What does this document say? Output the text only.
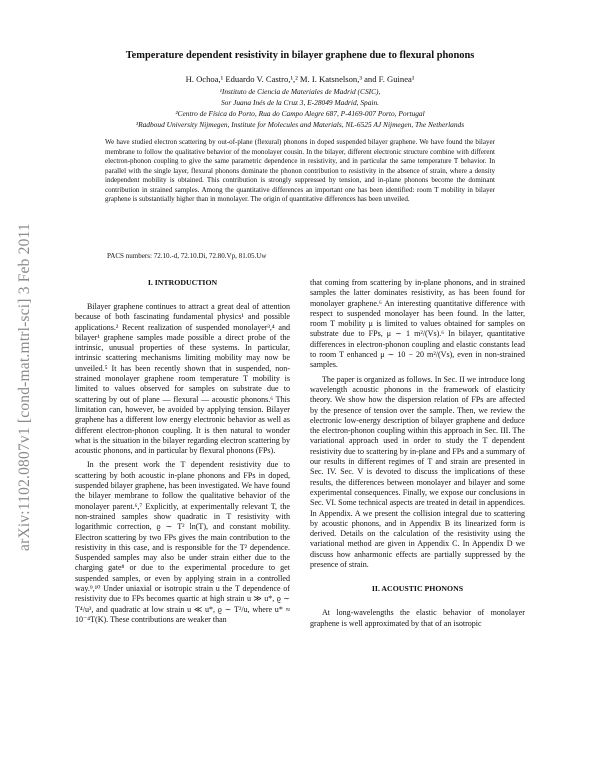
arXiv:1102.0807v1 [cond-mat.mtrl-sci] 3 Feb 2011
Temperature dependent resistivity in bilayer graphene due to flexural phonons
H. Ochoa,¹ Eduardo V. Castro,¹,² M. I. Katsnelson,³ and F. Guinea¹
¹Instituto de Ciencia de Materiales de Madrid (CSIC),
Sor Juana Inés de la Cruz 3, E-28049 Madrid, Spain.
²Centro de Física do Porto, Rua do Campo Alegre 687, P-4169-007 Porto, Portugal
³Radboud University Nijmegen, Institute for Molecules and Materials, NL-6525 AJ Nijmegen, The Netherlands
We have studied electron scattering by out-of-plane (flexural) phonons in doped suspended bilayer graphene. We have found the bilayer membrane to follow the qualitative behavior of the monolayer cousin. In the bilayer, different electronic structure combine with different electron-phonon coupling to give the same parametric dependence in resistivity, and in particular the same temperature T behavior. In parallel with the single layer, flexural phonons dominate the phonon contribution to resistivity in the absence of strain, where a density independent mobility is obtained. This contribution is strongly suppressed by tension, and in-plane phonons become the dominant contribution in strained samples. Among the quantitative differences an important one has been identified: room T mobility in bilayer graphene is substantially higher than in monolayer. The origin of quantitative differences has been unveiled.
PACS numbers: 72.10.-d, 72.10.Di, 72.80.Vp, 81.05.Uw
I. INTRODUCTION

Bilayer graphene continues to attract a great deal of attention because of both fascinating fundamental physics¹ and possible applications.² Recent realization of suspended monolayer³,⁴ and bilayer¹ graphene samples made possible a direct probe of the intrinsic, unusual properties of these systems. In particular, intrinsic scattering mechanisms limiting mobility may now be unveiled.⁵ It has been recently shown that in suspended, non-strained monolayer graphene room temperature T mobility is limited to values observed for samples on substrate due to scattering by out of plane — flexural — acoustic phonons.⁶ This limitation can, however, be avoided by applying tension. Bilayer graphene has a different low energy electronic behavior as well as different electron-phonon coupling. It is then natural to wonder what is the situation in the bilayer regarding electron scattering by acoustic phonons, and in particular by flexural phonons (FPs).

In the present work the T dependent resistivity due to scattering by both acoustic in-plane phonons and FPs in doped, suspended bilayer graphene, has been investigated. We have found the bilayer membrane to follow the qualitative behavior of the monolayer parent.⁶,⁷ Explicitly, at experimentally relevant T, the non-strained samples show quadratic in T resistivity with logarithmic correction, ϱ ∼ T² ln(T), and constant mobility. Electron scattering by two FPs gives the main contribution to the resistivity in this case, and is responsible for the T² dependence. Suspended samples may also be under strain either due to the charging gate⁸ or due to the experimental procedure to get suspended samples, or even by applying strain in a controlled way.⁹,¹⁰ Under uniaxial or isotropic strain u the T dependence of resistivity due to FPs becomes quartic at high strain u ≫ u*, ϱ ∼ T⁴/u³, and quadratic at low strain u ≪ u*, ϱ ∼ T²/u, where u* ≈ 10⁻⁴T(K). These contributions are weaker than

that coming from scattering by in-plane phonons, and in strained samples the latter dominates resistivity, as has been found for monolayer graphene.⁶ An interesting quantitative difference with respect to suspended monolayer has been found. In the latter, room T mobility μ is limited to values obtained for samples on substrate due to FPs, μ ∼ 1 m²/(Vs).⁶ In bilayer, quantitative differences in electron-phonon coupling and elastic constants lead to room T enhanced μ ∼ 10 − 20 m²/(Vs), even in non-strained samples.

The paper is organized as follows. In Sec. II we introduce long wavelength acoustic phonons in the framework of elasticity theory. We show how the dispersion relation of FPs are affected by the presence of tension over the sample. Then, we review the electronic low-energy description of bilayer graphene and deduce the electron-phonon coupling within this approach in Sec. III. The variational approach used in order to study the T dependent resistivity due to scattering by in-plane and FPs and a summary of our results in different regimes of T and strain are presented in Sec. IV. Sec. V is devoted to discuss the implications of these results, the differences between monolayer and bilayer and some experimental consequences. Finally, we expose our conclusions in Sec. VI. Some technical aspects are treated in detail in appendices. In Appendix. A we present the collision integral due to scattering by acoustic phonons, and in Appendix B its linearized form is derived. Details on the calculation of the resistivity using the variational method are given in Appendix C. In Appendix D we discuss how anharmonic effects are partially suppressed by the presence of strain.

II. ACOUSTIC PHONONS

At long-wavelengths the elastic behavior of monolayer graphene is well approximated by that of an isotropic
